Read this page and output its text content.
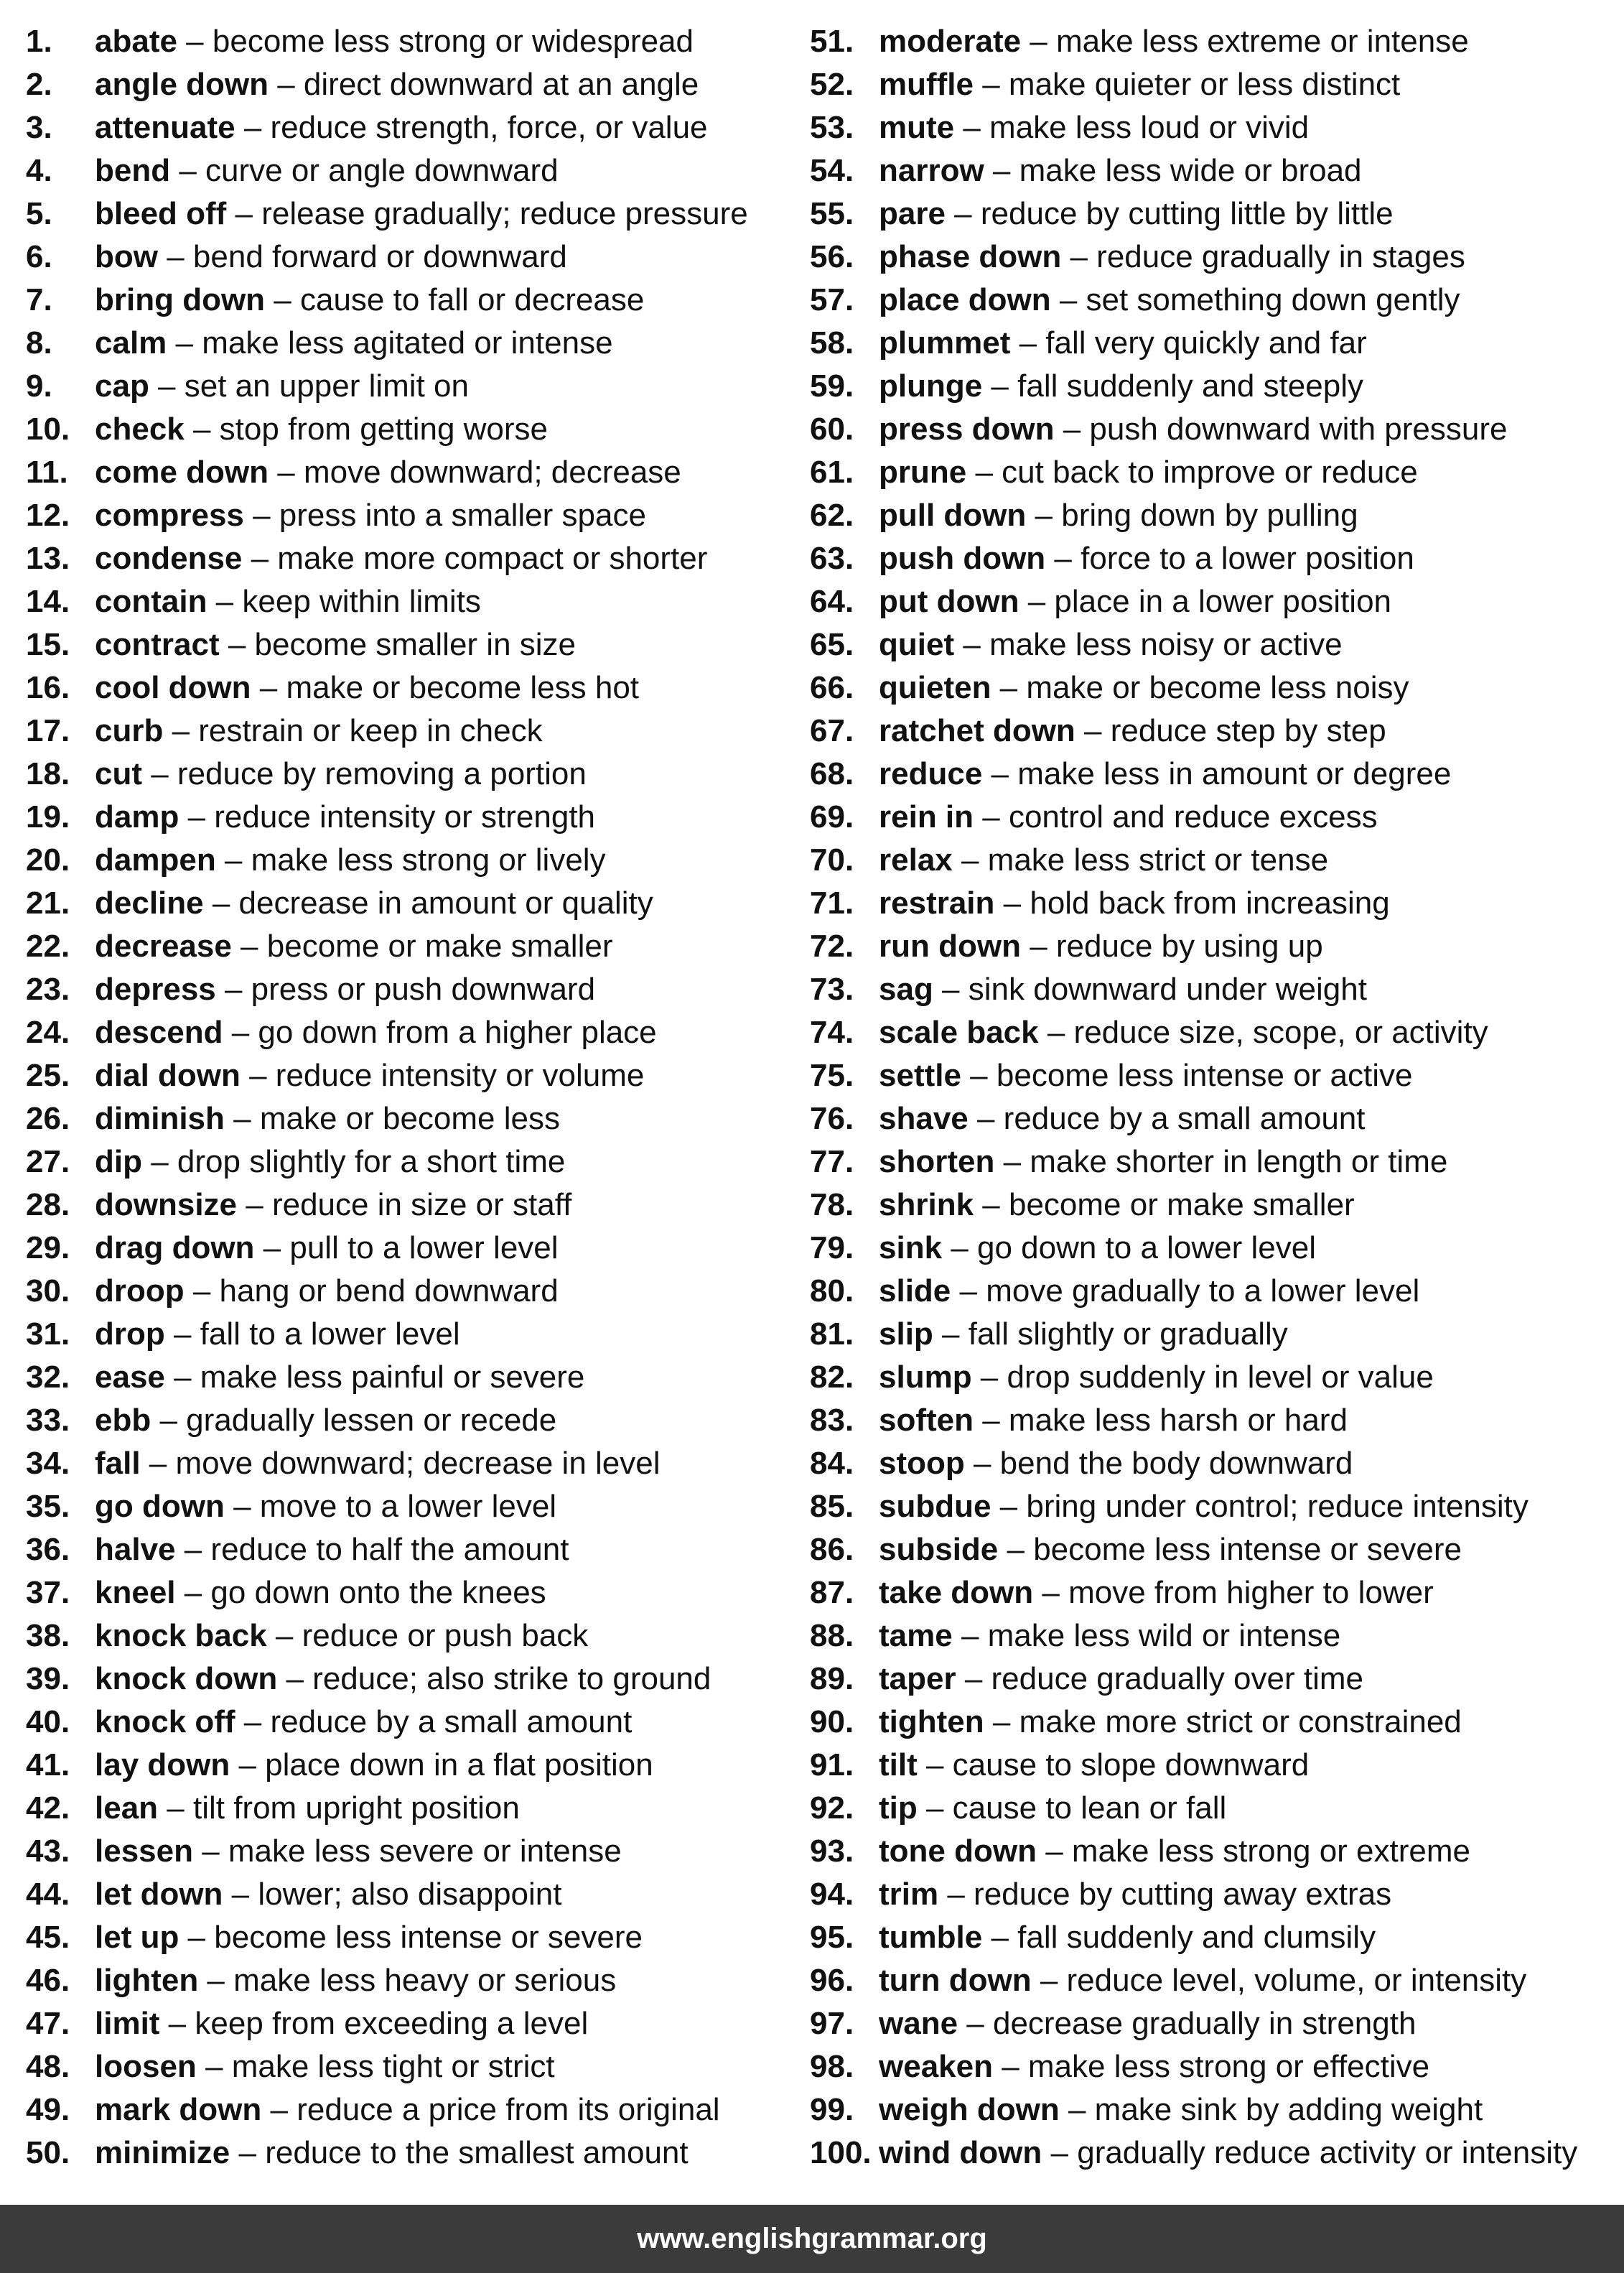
1. abate – become less strong or widespread
2. angle down – direct downward at an angle
3. attenuate – reduce strength, force, or value
4. bend – curve or angle downward
5. bleed off – release gradually; reduce pressure
6. bow – bend forward or downward
7. bring down – cause to fall or decrease
8. calm – make less agitated or intense
9. cap – set an upper limit on
10. check – stop from getting worse
11. come down – move downward; decrease
12. compress – press into a smaller space
13. condense – make more compact or shorter
14. contain – keep within limits
15. contract – become smaller in size
16. cool down – make or become less hot
17. curb – restrain or keep in check
18. cut – reduce by removing a portion
19. damp – reduce intensity or strength
20. dampen – make less strong or lively
21. decline – decrease in amount or quality
22. decrease – become or make smaller
23. depress – press or push downward
24. descend – go down from a higher place
25. dial down – reduce intensity or volume
26. diminish – make or become less
27. dip – drop slightly for a short time
28. downsize – reduce in size or staff
29. drag down – pull to a lower level
30. droop – hang or bend downward
31. drop – fall to a lower level
32. ease – make less painful or severe
33. ebb – gradually lessen or recede
34. fall – move downward; decrease in level
35. go down – move to a lower level
36. halve – reduce to half the amount
37. kneel – go down onto the knees
38. knock back – reduce or push back
39. knock down – reduce; also strike to ground
40. knock off – reduce by a small amount
41. lay down – place down in a flat position
42. lean – tilt from upright position
43. lessen – make less severe or intense
44. let down – lower; also disappoint
45. let up – become less intense or severe
46. lighten – make less heavy or serious
47. limit – keep from exceeding a level
48. loosen – make less tight or strict
49. mark down – reduce a price from its original
50. minimize – reduce to the smallest amount
51. moderate – make less extreme or intense
52. muffle – make quieter or less distinct
53. mute – make less loud or vivid
54. narrow – make less wide or broad
55. pare – reduce by cutting little by little
56. phase down – reduce gradually in stages
57. place down – set something down gently
58. plummet – fall very quickly and far
59. plunge – fall suddenly and steeply
60. press down – push downward with pressure
61. prune – cut back to improve or reduce
62. pull down – bring down by pulling
63. push down – force to a lower position
64. put down – place in a lower position
65. quiet – make less noisy or active
66. quieten – make or become less noisy
67. ratchet down – reduce step by step
68. reduce – make less in amount or degree
69. rein in – control and reduce excess
70. relax – make less strict or tense
71. restrain – hold back from increasing
72. run down – reduce by using up
73. sag – sink downward under weight
74. scale back – reduce size, scope, or activity
75. settle – become less intense or active
76. shave – reduce by a small amount
77. shorten – make shorter in length or time
78. shrink – become or make smaller
79. sink – go down to a lower level
80. slide – move gradually to a lower level
81. slip – fall slightly or gradually
82. slump – drop suddenly in level or value
83. soften – make less harsh or hard
84. stoop – bend the body downward
85. subdue – bring under control; reduce intensity
86. subside – become less intense or severe
87. take down – move from higher to lower
88. tame – make less wild or intense
89. taper – reduce gradually over time
90. tighten – make more strict or constrained
91. tilt – cause to slope downward
92. tip – cause to lean or fall
93. tone down – make less strong or extreme
94. trim – reduce by cutting away extras
95. tumble – fall suddenly and clumsily
96. turn down – reduce level, volume, or intensity
97. wane – decrease gradually in strength
98. weaken – make less strong or effective
99. weigh down – make sink by adding weight
100. wind down – gradually reduce activity or intensity
www.englishgrammar.org
